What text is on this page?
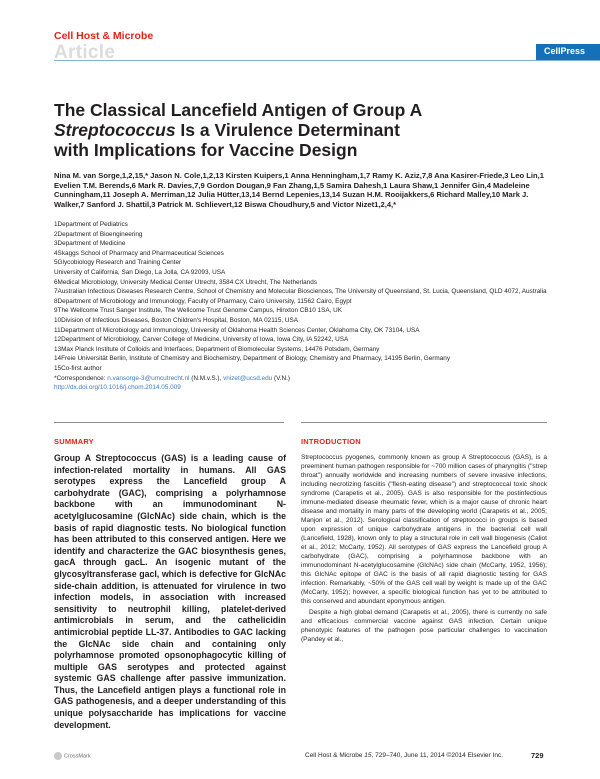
Cell Host & Microbe
Article	CellPress
The Classical Lancefield Antigen of Group A
Streptococcus Is a Virulence Determinant
with Implications for Vaccine Design
Nina M. van Sorge,1,2,15,* Jason N. Cole,1,2,13 Kirsten Kuipers,1 Anna Henningham,1,7 Ramy K. Aziz,7,8 Ana Kasirer-Friede,3 Leo Lin,1 Evelien T.M. Berends,6 Mark R. Davies,7,9 Gordon Dougan,9 Fan Zhang,1,5 Samira Dahesh,1 Laura Shaw,1 Jennifer Gin,4 Madeleine Cunningham,11 Joseph A. Merriman,12 Julia Hütter,13,14 Bernd Lepenies,13,14 Suzan H.M. Rooijakkers,6 Richard Malley,10 Mark J. Walker,7 Sanford J. Shattil,3 Patrick M. Schlievert,12 Biswa Choudhury,5 and Victor Nizet1,2,4,*
1Department of Pediatrics
2Department of Bioengineering
3Department of Medicine
4Skaggs School of Pharmacy and Pharmaceutical Sciences
5Glycobiology Research and Training Center
University of California, San Diego, La Jolla, CA 92093, USA
6Medical Microbiology, University Medical Center Utrecht, 3584 CX Utrecht, The Netherlands
7Australian Infectious Diseases Research Centre, School of Chemistry and Molecular Biosciences, The University of Queensland, St. Lucia, Queensland, QLD 4072, Australia
8Department of Microbiology and Immunology, Faculty of Pharmacy, Cairo University, 11562 Cairo, Egypt
9The Wellcome Trust Sanger Institute, The Wellcome Trust Genome Campus, Hinxton CB10 1SA, UK
10Division of Infectious Diseases, Boston Children's Hospital, Boston, MA 02115, USA
11Department of Microbiology and Immunology, University of Oklahoma Health Sciences Center, Oklahoma City, OK 73104, USA
12Department of Microbiology, Carver College of Medicine, University of Iowa, Iowa City, IA 52242, USA
13Max Planck Institute of Colloids and Interfaces, Department of Biomolecular Systems, 14476 Potsdam, Germany
14Freie Universität Berlin, Institute of Chemistry and Biochemistry, Department of Biology, Chemistry and Pharmacy, 14195 Berlin, Germany
15Co-first author
*Correspondence: n.vansorge-3@umcutrecht.nl (N.M.v.S.), vnizet@ucsd.edu (V.N.)
http://dx.doi.org/10.1016/j.chom.2014.05.009
SUMMARY	INTRODUCTION
Group A Streptococcus (GAS) is a leading cause of infection-related mortality in humans. All GAS serotypes express the Lancefield group A carbohydrate (GAC), comprising a polyrhamnose backbone with an immunodominant N-acetylglucosamine (GlcNAc) side chain, which is the basis of rapid diagnostic tests. No biological function has been attributed to this conserved antigen. Here we identify and characterize the GAC biosynthesis genes, gacA through gacL. An isogenic mutant of the glycosyltransferase gacI, which is defective for GlcNAc side-chain addition, is attenuated for virulence in two infection models, in association with increased sensitivity to neutrophil killing, platelet-derived antimicrobials in serum, and the cathelicidin antimicrobial peptide LL-37. Antibodies to GAC lacking the GlcNAc side chain and containing only polyrhamnose promoted opsonophagocytic killing of multiple GAS serotypes and protected against systemic GAS challenge after passive immunization. Thus, the Lancefield antigen plays a functional role in GAS pathogenesis, and a deeper understanding of this unique polysaccharide has implications for vaccine development.

Streptococcus pyogenes, commonly known as group A Streptococcus (GAS), is a preeminent human pathogen responsible for ~700 million cases of pharyngitis ("strep throat") annually worldwide and increasing numbers of severe invasive infections, including necrotizing fasciitis ("flesh-eating disease") and streptococcal toxic shock syndrome (Carapetis et al., 2005). GAS is also responsible for the postinfectious immune-mediated disease rheumatic fever, which is a major cause of chronic heart disease and mortality in many parts of the developing world (Carapetis et al., 2005; Manjon et al., 2012). Serological classification of streptococci in groups is based upon expression of unique carbohydrate antigens in the bacterial cell wall (Lancefield, 1928), known only to play a structural role in cell wall biogenesis (Caliot et al., 2012; McCarty, 1952). All serotypes of GAS express the Lancefield group A carbohydrate (GAC), comprising a polyrhamnose backbone with an immunodominant N-acetylglucosamine (GlcNAc) side chain (McCarty, 1952, 1956); this GlcNAc epitope of GAC is the basis of all rapid diagnostic testing for GAS infection. Remarkably, ~50% of the GAS cell wall by weight is made up of the GAC (McCarty, 1952); however, a specific biological function has yet to be attributed to this conserved and abundant eponymous antigen.

Despite a high global demand (Carapetis et al., 2005), there is currently no safe and efficacious commercial vaccine against GAS infection. Certain unique phenotypic features of the pathogen pose particular challenges to vaccination (Pandey et al.,

CrossMark	Cell Host & Microbe 15, 729–740, June 11, 2014 ©2014 Elsevier Inc.	729
